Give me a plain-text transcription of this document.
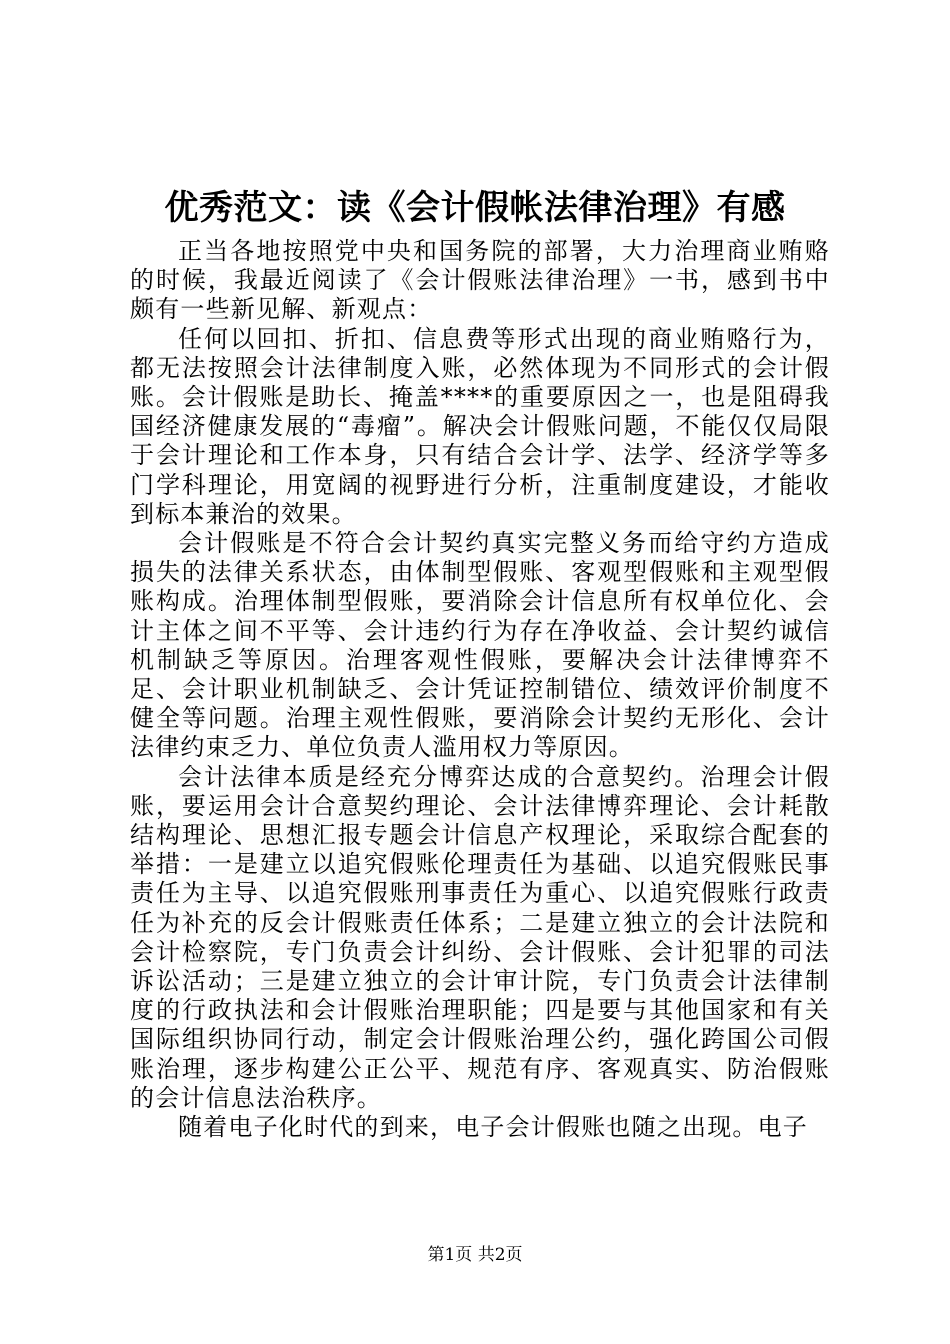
优秀范文：读《会计假帐法律治理》有感

正当各地按照党中央和国务院的部署，大力治理商业贿赂的时候，我最近阅读了《会计假账法律治理》一书，感到书中颇有一些新见解、新观点：

任何以回扣、折扣、信息费等形式出现的商业贿赂行为，都无法按照会计法律制度入账，必然体现为不同形式的会计假账。会计假账是助长、掩盖****的重要原因之一，也是阻碍我国经济健康发展的“毒瘤”。解决会计假账问题，不能仅仅局限于会计理论和工作本身，只有结合会计学、法学、经济学等多门学科理论，用宽阔的视野进行分析，注重制度建设，才能收到标本兼治的效果。

会计假账是不符合会计契约真实完整义务而给守约方造成损失的法律关系状态，由体制型假账、客观型假账和主观型假账构成。治理体制型假账，要消除会计信息所有权单位化、会计主体之间不平等、会计违约行为存在净收益、会计契约诚信机制缺乏等原因。治理客观性假账，要解决会计法律博弈不足、会计职业机制缺乏、会计凭证控制错位、绩效评价制度不健全等问题。治理主观性假账，要消除会计契约无形化、会计法律约束乏力、单位负责人滥用权力等原因。

会计法律本质是经充分博弈达成的合意契约。治理会计假账，要运用会计合意契约理论、会计法律博弈理论、会计耗散结构理论、思想汇报专题会计信息产权理论，采取综合配套的举措：一是建立以追究假账伦理责任为基础、以追究假账民事责任为主导、以追究假账刑事责任为重心、以追究假账行政责任为补充的反会计假账责任体系；二是建立独立的会计法院和会计检察院，专门负责会计纠纷、会计假账、会计犯罪的司法诉讼活动；三是建立独立的会计审计院，专门负责会计法律制度的行政执法和会计假账治理职能；四是要与其他国家和有关国际组织协同行动，制定会计假账治理公约，强化跨国公司假账治理，逐步构建公正公平、规范有序、客观真实、防治假账的会计信息法治秩序。

随着电子化时代的到来，电子会计假账也随之出现。电子

第1页 共2页
